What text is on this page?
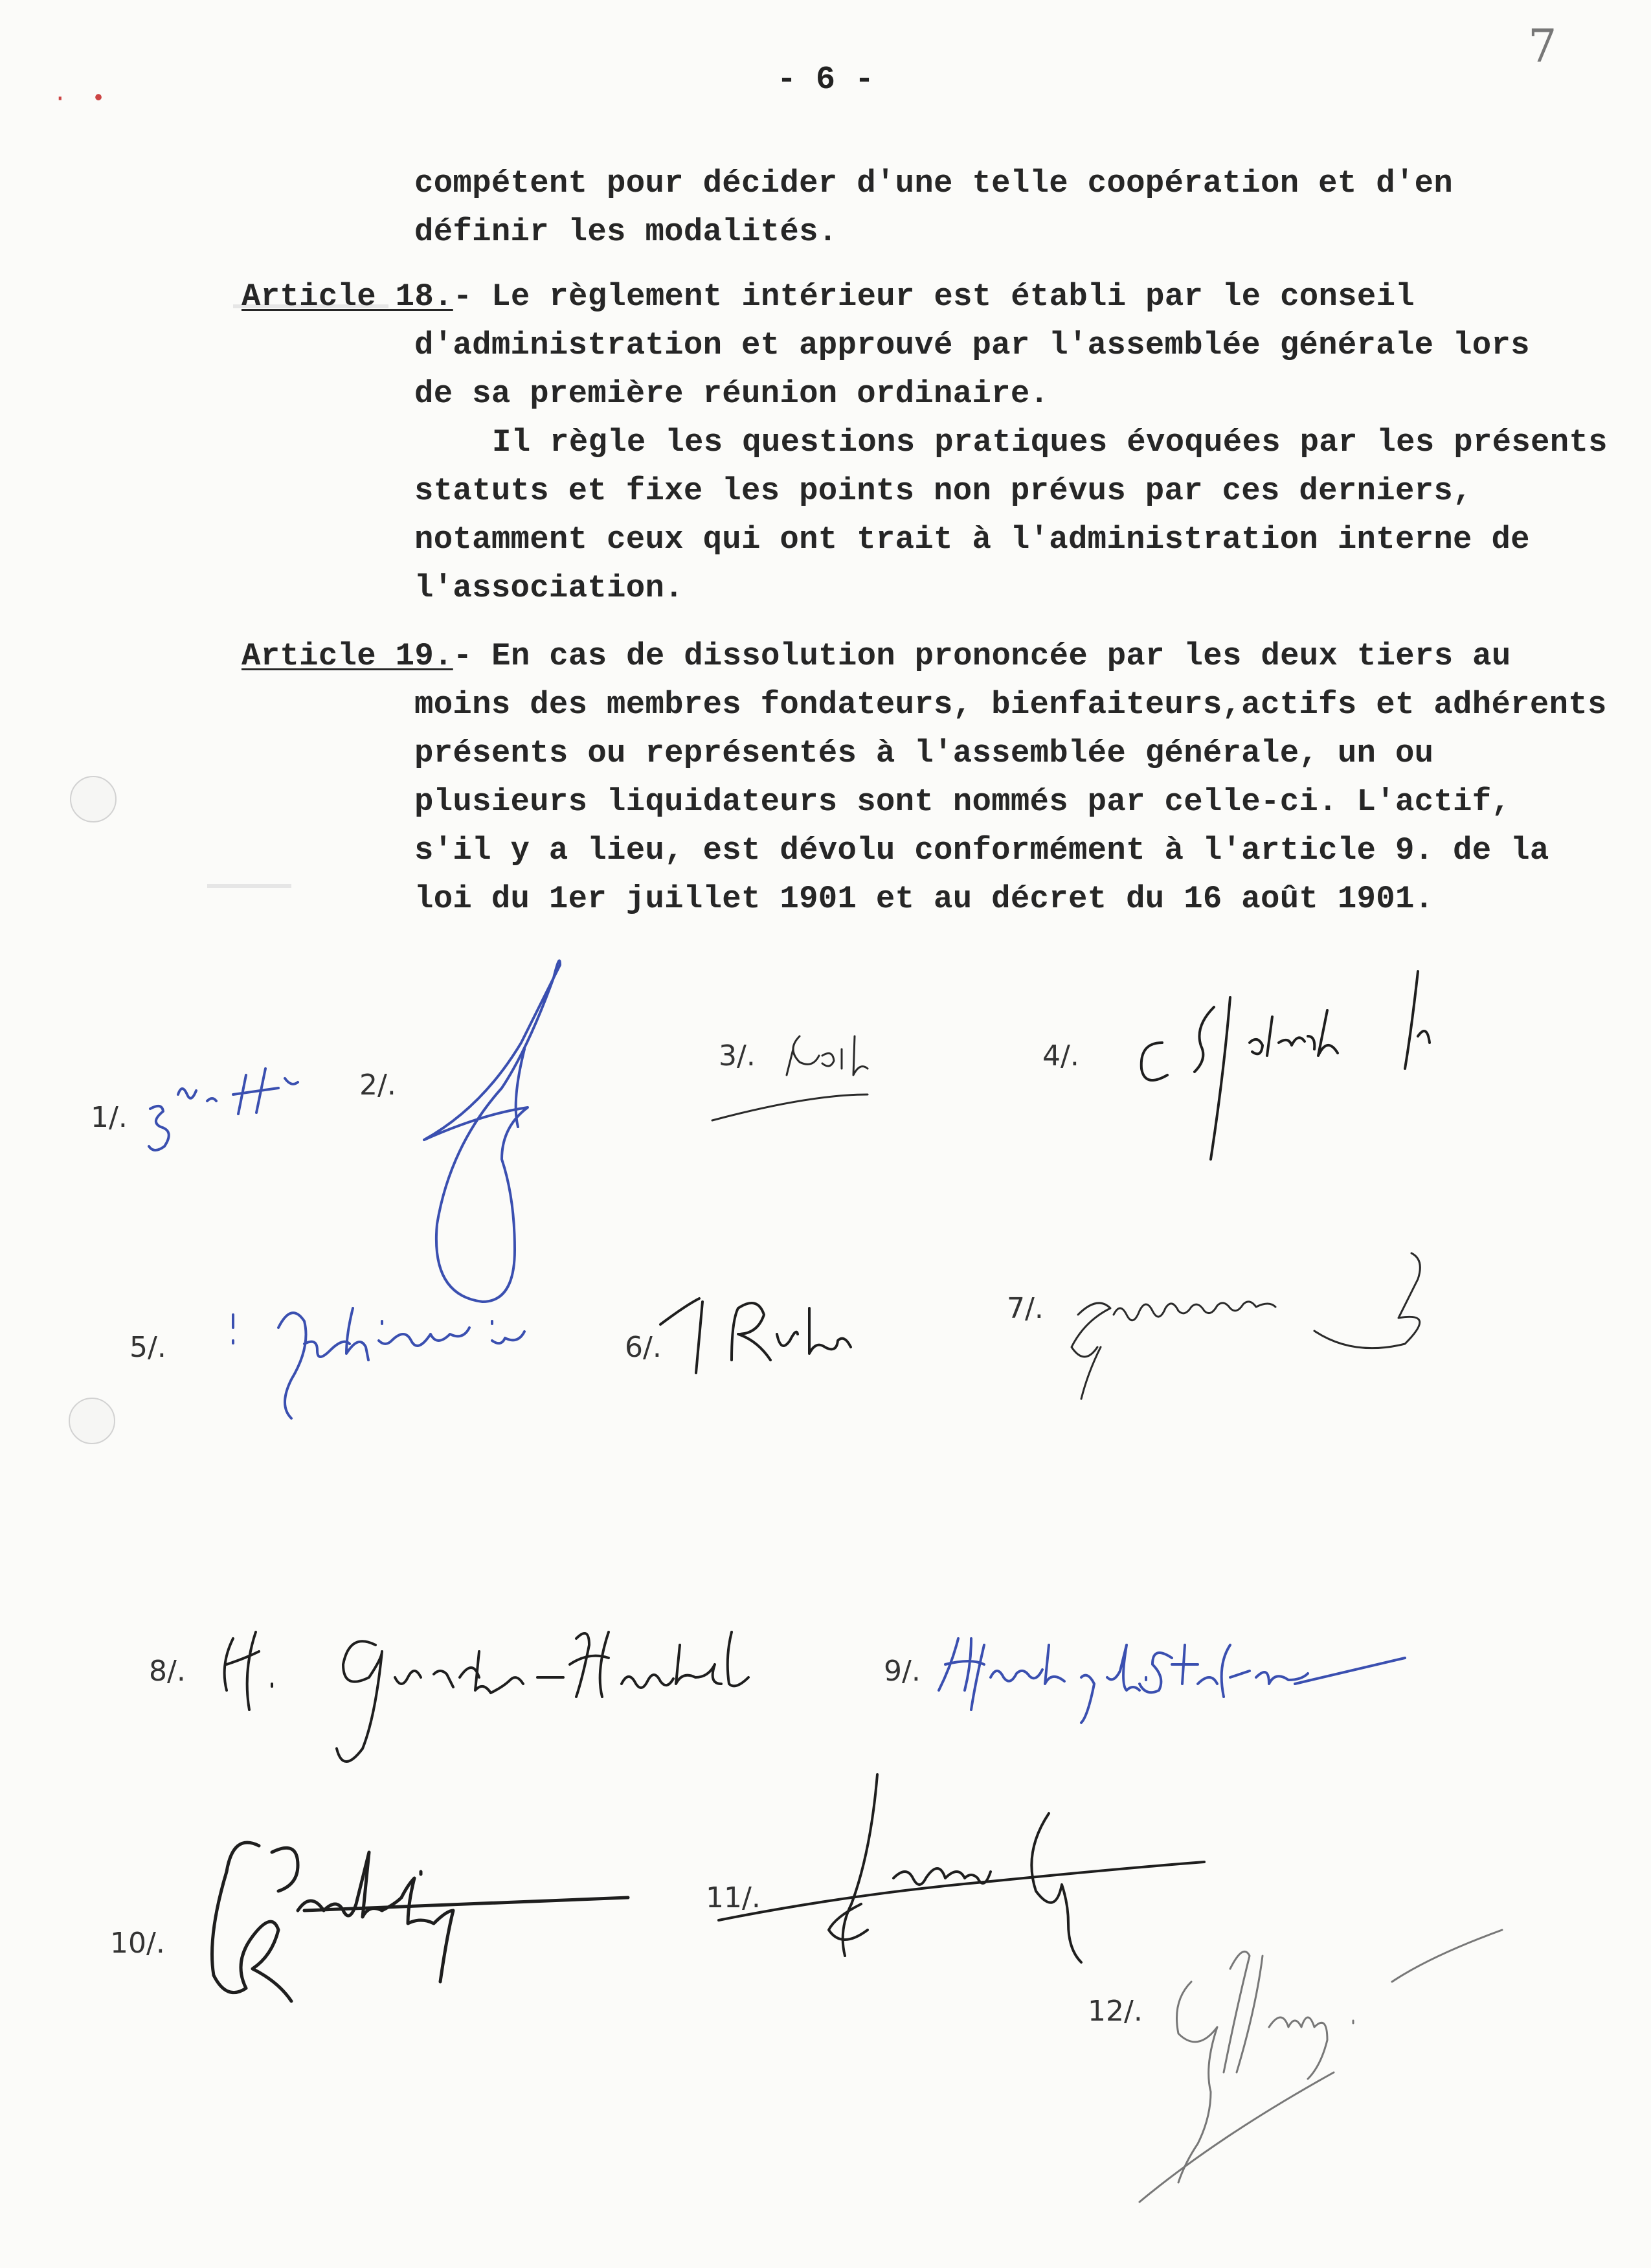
· •
7
- 6 -
compétent pour décider d'une telle coopération et d'en
définir les modalités.
Article 18.- Le règlement intérieur est établi par le conseil
d'administration et approuvé par l'assemblée générale lors
de sa première réunion ordinaire.
Il règle les questions pratiques évoquées par les présents
statuts et fixe les points non prévus par ces derniers,
notamment ceux qui ont trait à l'administration interne de
l'association.
Article 19.- En cas de dissolution prononcée par les deux tiers au
moins des membres fondateurs, bienfaiteurs,actifs et adhérents
présents ou représentés à l'assemblée générale, un ou
plusieurs liquidateurs sont nommés par celle-ci. L'actif,
s'il y a lieu, est dévolu conformément à l'article 9. de la
loi du 1er juillet 1901 et au décret du 16 août 1901.
1/.
2/.
3/.	4/.
5/.	6/.
7/.
8/.	9/.
10/.
11/.
12/.
